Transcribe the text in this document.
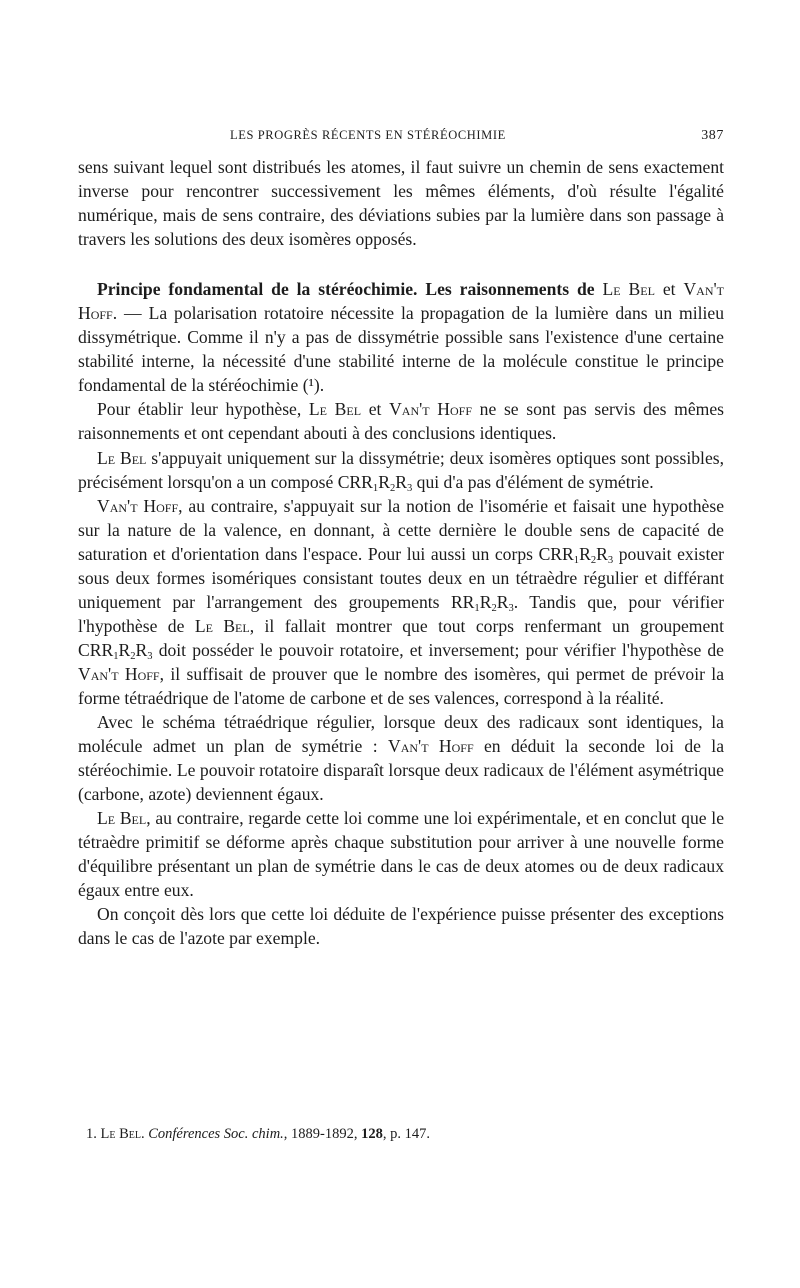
LES PROGRÈS RÉCENTS EN STÉRÉOCHIMIE	387

sens suivant lequel sont distribués les atomes, il faut suivre un chemin de sens exactement inverse pour rencontrer successivement les mêmes éléments, d'où résulte l'égalité numérique, mais de sens contraire, des déviations subies par la lumière dans son passage à travers les solutions des deux isomères opposés.

Principe fondamental de la stéréochimie. Les raisonnements de Le Bel et Van't Hoff. — La polarisation rotatoire nécessite la propagation de la lumière dans un milieu dissymétrique. Comme il n'y a pas de dissymétrie possible sans l'existence d'une certaine stabilité interne, la nécessité d'une stabilité interne de la molécule constitue le principe fondamental de la stéréochimie (¹).

Pour établir leur hypothèse, Le Bel et Van't Hoff ne se sont pas servis des mêmes raisonnements et ont cependant abouti à des conclusions identiques.

Le Bel s'appuyait uniquement sur la dissymétrie; deux isomères optiques sont possibles, précisément lorsqu'on a un composé $CRR_1R_2R_3$ qui d'a pas d'élément de symétrie.

Van't Hoff, au contraire, s'appuyait sur la notion de l'isomérie et faisait une hypothèse sur la nature de la valence, en donnant, à cette dernière le double sens de capacité de saturation et d'orientation dans l'espace. Pour lui aussi un corps $CRR_1R_2R_3$ pouvait exister sous deux formes isomériques consistant toutes deux en un tétraèdre régulier et différant uniquement par l'arrangement des groupements $RR_1R_2R_3$. Tandis que, pour vérifier l'hypothèse de Le Bel, il fallait montrer que tout corps renfermant un groupement $CRR_1R_2R_3$ doit posséder le pouvoir rotatoire, et inversement; pour vérifier l'hypothèse de Van't Hoff, il suffisait de prouver que le nombre des isomères, qui permet de prévoir la forme tétraédrique de l'atome de carbone et de ses valences, correspond à la réalité.

Avec le schéma tétraédrique régulier, lorsque deux des radicaux sont identiques, la molécule admet un plan de symétrie : Van't Hoff en déduit la seconde loi de la stéréochimie. Le pouvoir rotatoire disparaît lorsque deux radicaux de l'élément asymétrique (carbone, azote) deviennent égaux.

Le Bel, au contraire, regarde cette loi comme une loi expérimentale, et en conclut que le tétraèdre primitif se déforme après chaque substitution pour arriver à une nouvelle forme d'équilibre présentant un plan de symétrie dans le cas de deux atomes ou de deux radicaux égaux entre eux.

On conçoit dès lors que cette loi déduite de l'expérience puisse présenter des exceptions dans le cas de l'azote par exemple.

1. Le Bel. Conférences Soc. chim., 1889-1892, 128, p. 147.
